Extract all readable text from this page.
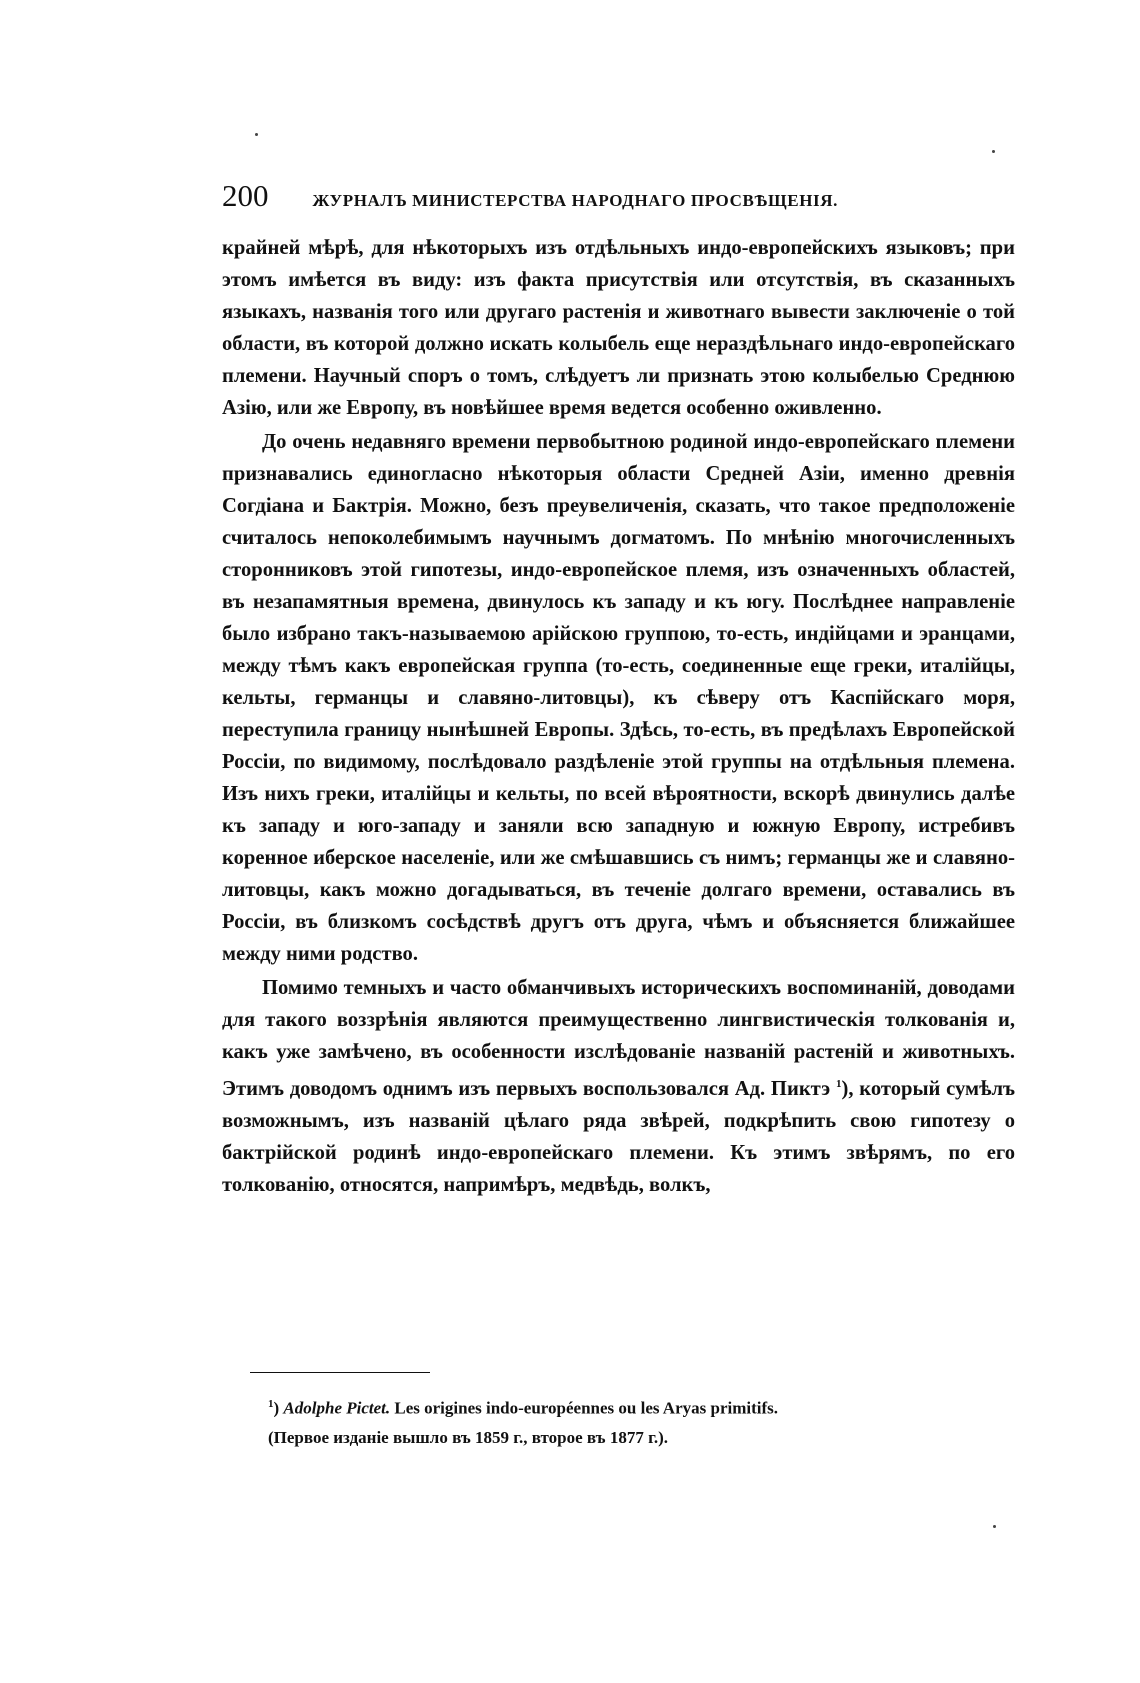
200	ЖУРНАЛЪ МИНИСТЕРСТВА НАРОДНАГО ПРОСВѢЩЕНІЯ.

крайней мѣрѣ, для нѣкоторыхъ изъ отдѣльныхъ индо-европейскихъ языковъ; при этомъ имѣется въ виду: изъ факта присутствія или отсутствія, въ сказанныхъ языкахъ, названія того или другаго растенія и животнаго вывести заключеніе о той области, въ которой должно искать колыбель еще нераздѣльнаго индо-европейскаго племени. Научный споръ о томъ, слѣдуетъ ли признать этою колыбелью Среднюю Азію, или же Европу, въ новѣйшее время ведется особенно оживленно.

До очень недавняго времени первобытною родиной индо-европейскаго племени признавались единогласно нѣкоторыя области Средней Азіи, именно древнія Согдіана и Бактрія. Можно, безъ преувеличенія, сказать, что такое предположеніе считалось непоколебимымъ научнымъ догматомъ. По мнѣнію многочисленныхъ сторонниковъ этой гипотезы, индо-европейское племя, изъ означенныхъ областей, въ незапамятныя времена, двинулось къ западу и къ югу. Послѣднее направленіе было избрано такъ-называемою арійскою группою, то-есть, индійцами и эранцами, между тѣмъ какъ европейская группа (то-есть, соединенные еще греки, италійцы, кельты, германцы и славяно-литовцы), къ сѣверу отъ Каспійскаго моря, переступила границу нынѣшней Европы. Здѣсь, то-есть, въ предѣлахъ Европейской Россіи, по видимому, послѣдовало раздѣленіе этой группы на отдѣльныя племена. Изъ нихъ греки, италійцы и кельты, по всей вѣроятности, вскорѣ двинулись далѣе къ западу и юго-западу и заняли всю западную и южную Европу, истребивъ коренное иберское населеніе, или же смѣшавшись съ нимъ; германцы же и славяно-литовцы, какъ можно догадываться, въ теченіе долгаго времени, оставались въ Россіи, въ близкомъ сосѣдствѣ другъ отъ друга, чѣмъ и объясняется ближайшее между ними родство.

Помимо темныхъ и часто обманчивыхъ историческихъ воспоминаній, доводами для такого воззрѣнія являются преимущественно лингвистическія толкованія и, какъ уже замѣчено, въ особенности изслѣдованіе названій растеній и животныхъ. Этимъ доводомъ однимъ изъ первыхъ воспользовался Ад. Пиктэ $^1$), который сумѣлъ возможнымъ, изъ названій цѣлаго ряда звѣрей, подкрѣпить свою гипотезу о бактрійской родинѣ индо-европейскаго племени. Къ этимъ звѣрямъ, по его толкованію, относятся, напримѣръ, медвѣдь, волкъ,

$^1$) Adolphe Pictet. Les origines indo-européennes ou les Aryas primitifs.

(Первое изданіе вышло въ 1859 г., второе въ 1877 г.).
